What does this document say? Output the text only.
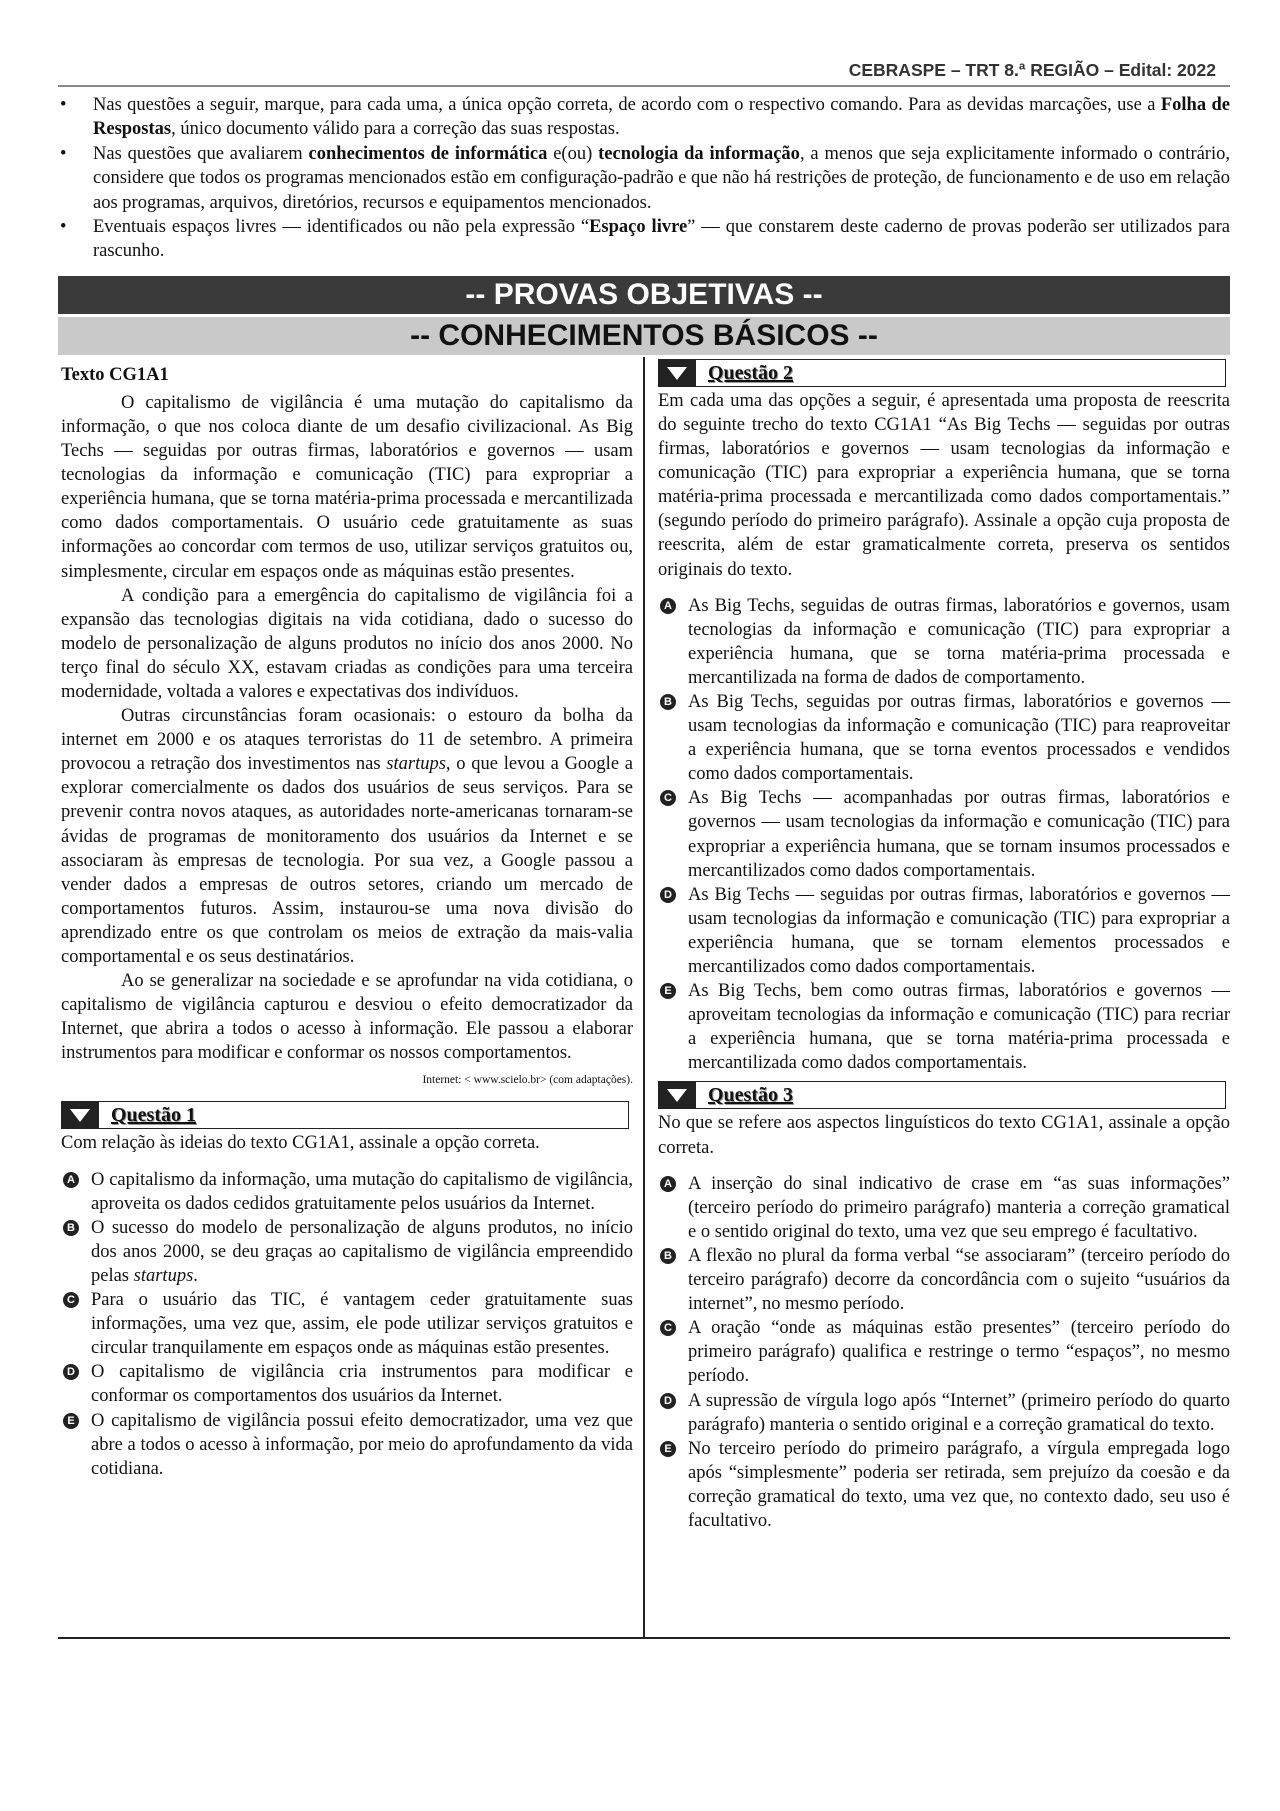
CEBRASPE – TRT 8.ª REGIÃO – Edital: 2022
• Nas questões a seguir, marque, para cada uma, a única opção correta, de acordo com o respectivo comando. Para as devidas marcações, use a Folha de Respostas, único documento válido para a correção das suas respostas.
• Nas questões que avaliarem conhecimentos de informática e(ou) tecnologia da informação, a menos que seja explicitamente informado o contrário, considere que todos os programas mencionados estão em configuração-padrão e que não há restrições de proteção, de funcionamento e de uso em relação aos programas, arquivos, diretórios, recursos e equipamentos mencionados.
• Eventuais espaços livres — identificados ou não pela expressão “Espaço livre” — que constarem deste caderno de provas poderão ser utilizados para rascunho.
-- PROVAS OBJETIVAS --
-- CONHECIMENTOS BÁSICOS --
Texto CG1A1

O capitalismo de vigilância é uma mutação do capitalismo da informação, o que nos coloca diante de um desafio civilizacional. As Big Techs — seguidas por outras firmas, laboratórios e governos — usam tecnologias da informação e comunicação (TIC) para expropriar a experiência humana, que se torna matéria-prima processada e mercantilizada como dados comportamentais. O usuário cede gratuitamente as suas informações ao concordar com termos de uso, utilizar serviços gratuitos ou, simplesmente, circular em espaços onde as máquinas estão presentes.

A condição para a emergência do capitalismo de vigilância foi a expansão das tecnologias digitais na vida cotidiana, dado o sucesso do modelo de personalização de alguns produtos no início dos anos 2000. No terço final do século XX, estavam criadas as condições para uma terceira modernidade, voltada a valores e expectativas dos indivíduos.

Outras circunstâncias foram ocasionais: o estouro da bolha da internet em 2000 e os ataques terroristas do 11 de setembro. A primeira provocou a retração dos investimentos nas startups, o que levou a Google a explorar comercialmente os dados dos usuários de seus serviços. Para se prevenir contra novos ataques, as autoridades norte-americanas tornaram-se ávidas de programas de monitoramento dos usuários da Internet e se associaram às empresas de tecnologia. Por sua vez, a Google passou a vender dados a empresas de outros setores, criando um mercado de comportamentos futuros. Assim, instaurou-se uma nova divisão do aprendizado entre os que controlam os meios de extração da mais-valia comportamental e os seus destinatários.

Ao se generalizar na sociedade e se aprofundar na vida cotidiana, o capitalismo de vigilância capturou e desviou o efeito democratizador da Internet, que abrira a todos o acesso à informação. Ele passou a elaborar instrumentos para modificar e conformar os nossos comportamentos.

Internet: < www.scielo.br> (com adaptações).
Questão 1
Com relação às ideias do texto CG1A1, assinale a opção correta.
A O capitalismo da informação, uma mutação do capitalismo de vigilância, aproveita os dados cedidos gratuitamente pelos usuários da Internet.
B O sucesso do modelo de personalização de alguns produtos, no início dos anos 2000, se deu graças ao capitalismo de vigilância empreendido pelas startups.
C Para o usuário das TIC, é vantagem ceder gratuitamente suas informações, uma vez que, assim, ele pode utilizar serviços gratuitos e circular tranquilamente em espaços onde as máquinas estão presentes.
D O capitalismo de vigilância cria instrumentos para modificar e conformar os comportamentos dos usuários da Internet.
E O capitalismo de vigilância possui efeito democratizador, uma vez que abre a todos o acesso à informação, por meio do aprofundamento da vida cotidiana.
Questão 2
Em cada uma das opções a seguir, é apresentada uma proposta de reescrita do seguinte trecho do texto CG1A1 “As Big Techs — seguidas por outras firmas, laboratórios e governos — usam tecnologias da informação e comunicação (TIC) para expropriar a experiência humana, que se torna matéria-prima processada e mercantilizada como dados comportamentais.” (segundo período do primeiro parágrafo). Assinale a opção cuja proposta de reescrita, além de estar gramaticalmente correta, preserva os sentidos originais do texto.
A As Big Techs, seguidas de outras firmas, laboratórios e governos, usam tecnologias da informação e comunicação (TIC) para expropriar a experiência humana, que se torna matéria-prima processada e mercantilizada na forma de dados de comportamento.
B As Big Techs, seguidas por outras firmas, laboratórios e governos — usam tecnologias da informação e comunicação (TIC) para reaproveitar a experiência humana, que se torna eventos processados e vendidos como dados comportamentais.
C As Big Techs — acompanhadas por outras firmas, laboratórios e governos — usam tecnologias da informação e comunicação (TIC) para expropriar a experiência humana, que se tornam insumos processados e mercantilizados como dados comportamentais.
D As Big Techs — seguidas por outras firmas, laboratórios e governos — usam tecnologias da informação e comunicação (TIC) para expropriar a experiência humana, que se tornam elementos processados e mercantilizados como dados comportamentais.
E As Big Techs, bem como outras firmas, laboratórios e governos — aproveitam tecnologias da informação e comunicação (TIC) para recriar a experiência humana, que se torna matéria-prima processada e mercantilizada como dados comportamentais.
Questão 3
No que se refere aos aspectos linguísticos do texto CG1A1, assinale a opção correta.
A A inserção do sinal indicativo de crase em “as suas informações” (terceiro período do primeiro parágrafo) manteria a correção gramatical e o sentido original do texto, uma vez que seu emprego é facultativo.
B A flexão no plural da forma verbal “se associaram” (terceiro período do terceiro parágrafo) decorre da concordância com o sujeito “usuários da internet”, no mesmo período.
C A oração “onde as máquinas estão presentes” (terceiro período do primeiro parágrafo) qualifica e restringe o termo “espaços”, no mesmo período.
D A supressão de vírgula logo após “Internet” (primeiro período do quarto parágrafo) manteria o sentido original e a correção gramatical do texto.
E No terceiro período do primeiro parágrafo, a vírgula empregada logo após “simplesmente” poderia ser retirada, sem prejuízo da coesão e da correção gramatical do texto, uma vez que, no contexto dado, seu uso é facultativo.
